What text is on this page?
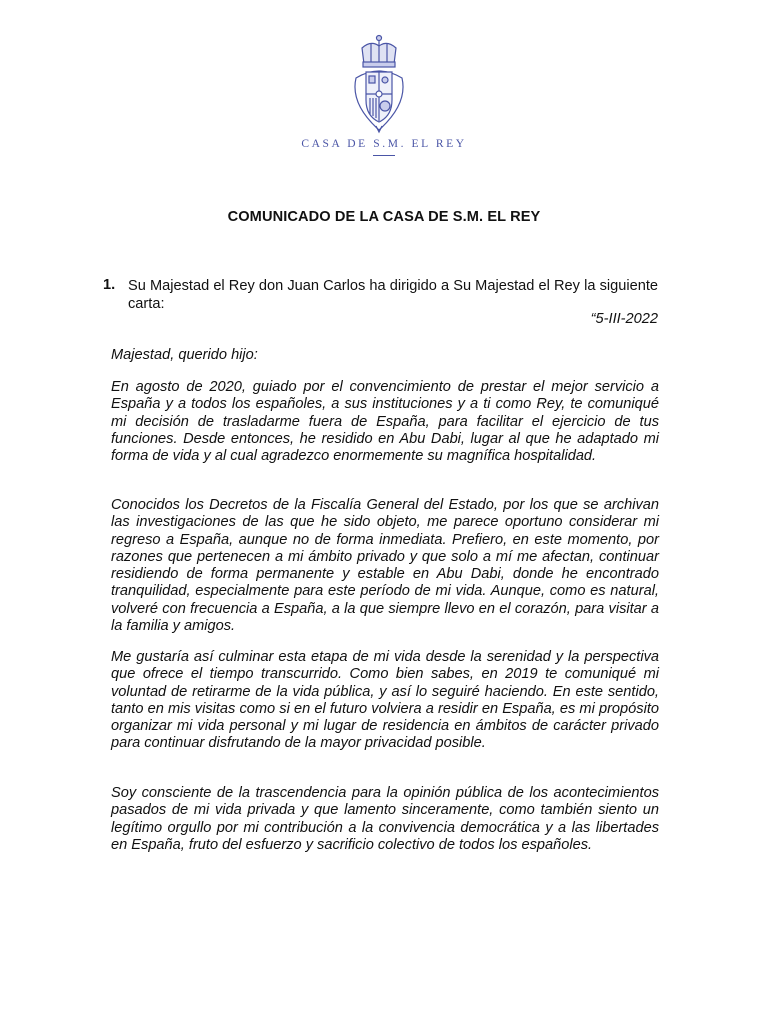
CASA DE S.M. EL REY
COMUNICADO DE LA CASA DE S.M. EL REY
1. Su Majestad el Rey don Juan Carlos ha dirigido a Su Majestad el Rey la siguiente carta:
“5-III-2022

Majestad, querido hijo:

En agosto de 2020, guiado por el convencimiento de prestar el mejor servicio a España y a todos los españoles, a sus instituciones y a ti como Rey, te comuniqué mi decisión de trasladarme fuera de España, para facilitar el ejercicio de tus funciones. Desde entonces, he residido en Abu Dabi, lugar al que he adaptado mi forma de vida y al cual agradezco enormemente su magnífica hospitalidad.

Conocidos los Decretos de la Fiscalía General del Estado, por los que se archivan las investigaciones de las que he sido objeto, me parece oportuno considerar mi regreso a España, aunque no de forma inmediata. Prefiero, en este momento, por razones que pertenecen a mi ámbito privado y que solo a mí me afectan, continuar residiendo de forma permanente y estable en Abu Dabi, donde he encontrado tranquilidad, especialmente para este período de mi vida. Aunque, como es natural, volveré con frecuencia a España, a la que siempre llevo en el corazón, para visitar a la familia y amigos.

Me gustaría así culminar esta etapa de mi vida desde la serenidad y la perspectiva que ofrece el tiempo transcurrido. Como bien sabes, en 2019 te comuniqué mi voluntad de retirarme de la vida pública, y así lo seguiré haciendo. En este sentido, tanto en mis visitas como si en el futuro volviera a residir en España, es mi propósito organizar mi vida personal y mi lugar de residencia en ámbitos de carácter privado para continuar disfrutando de la mayor privacidad posible.

Soy consciente de la trascendencia para la opinión pública de los acontecimientos pasados de mi vida privada y que lamento sinceramente, como también siento un legítimo orgullo por mi contribución a la convivencia democrática y a las libertades en España, fruto del esfuerzo y sacrificio colectivo de todos los españoles.
